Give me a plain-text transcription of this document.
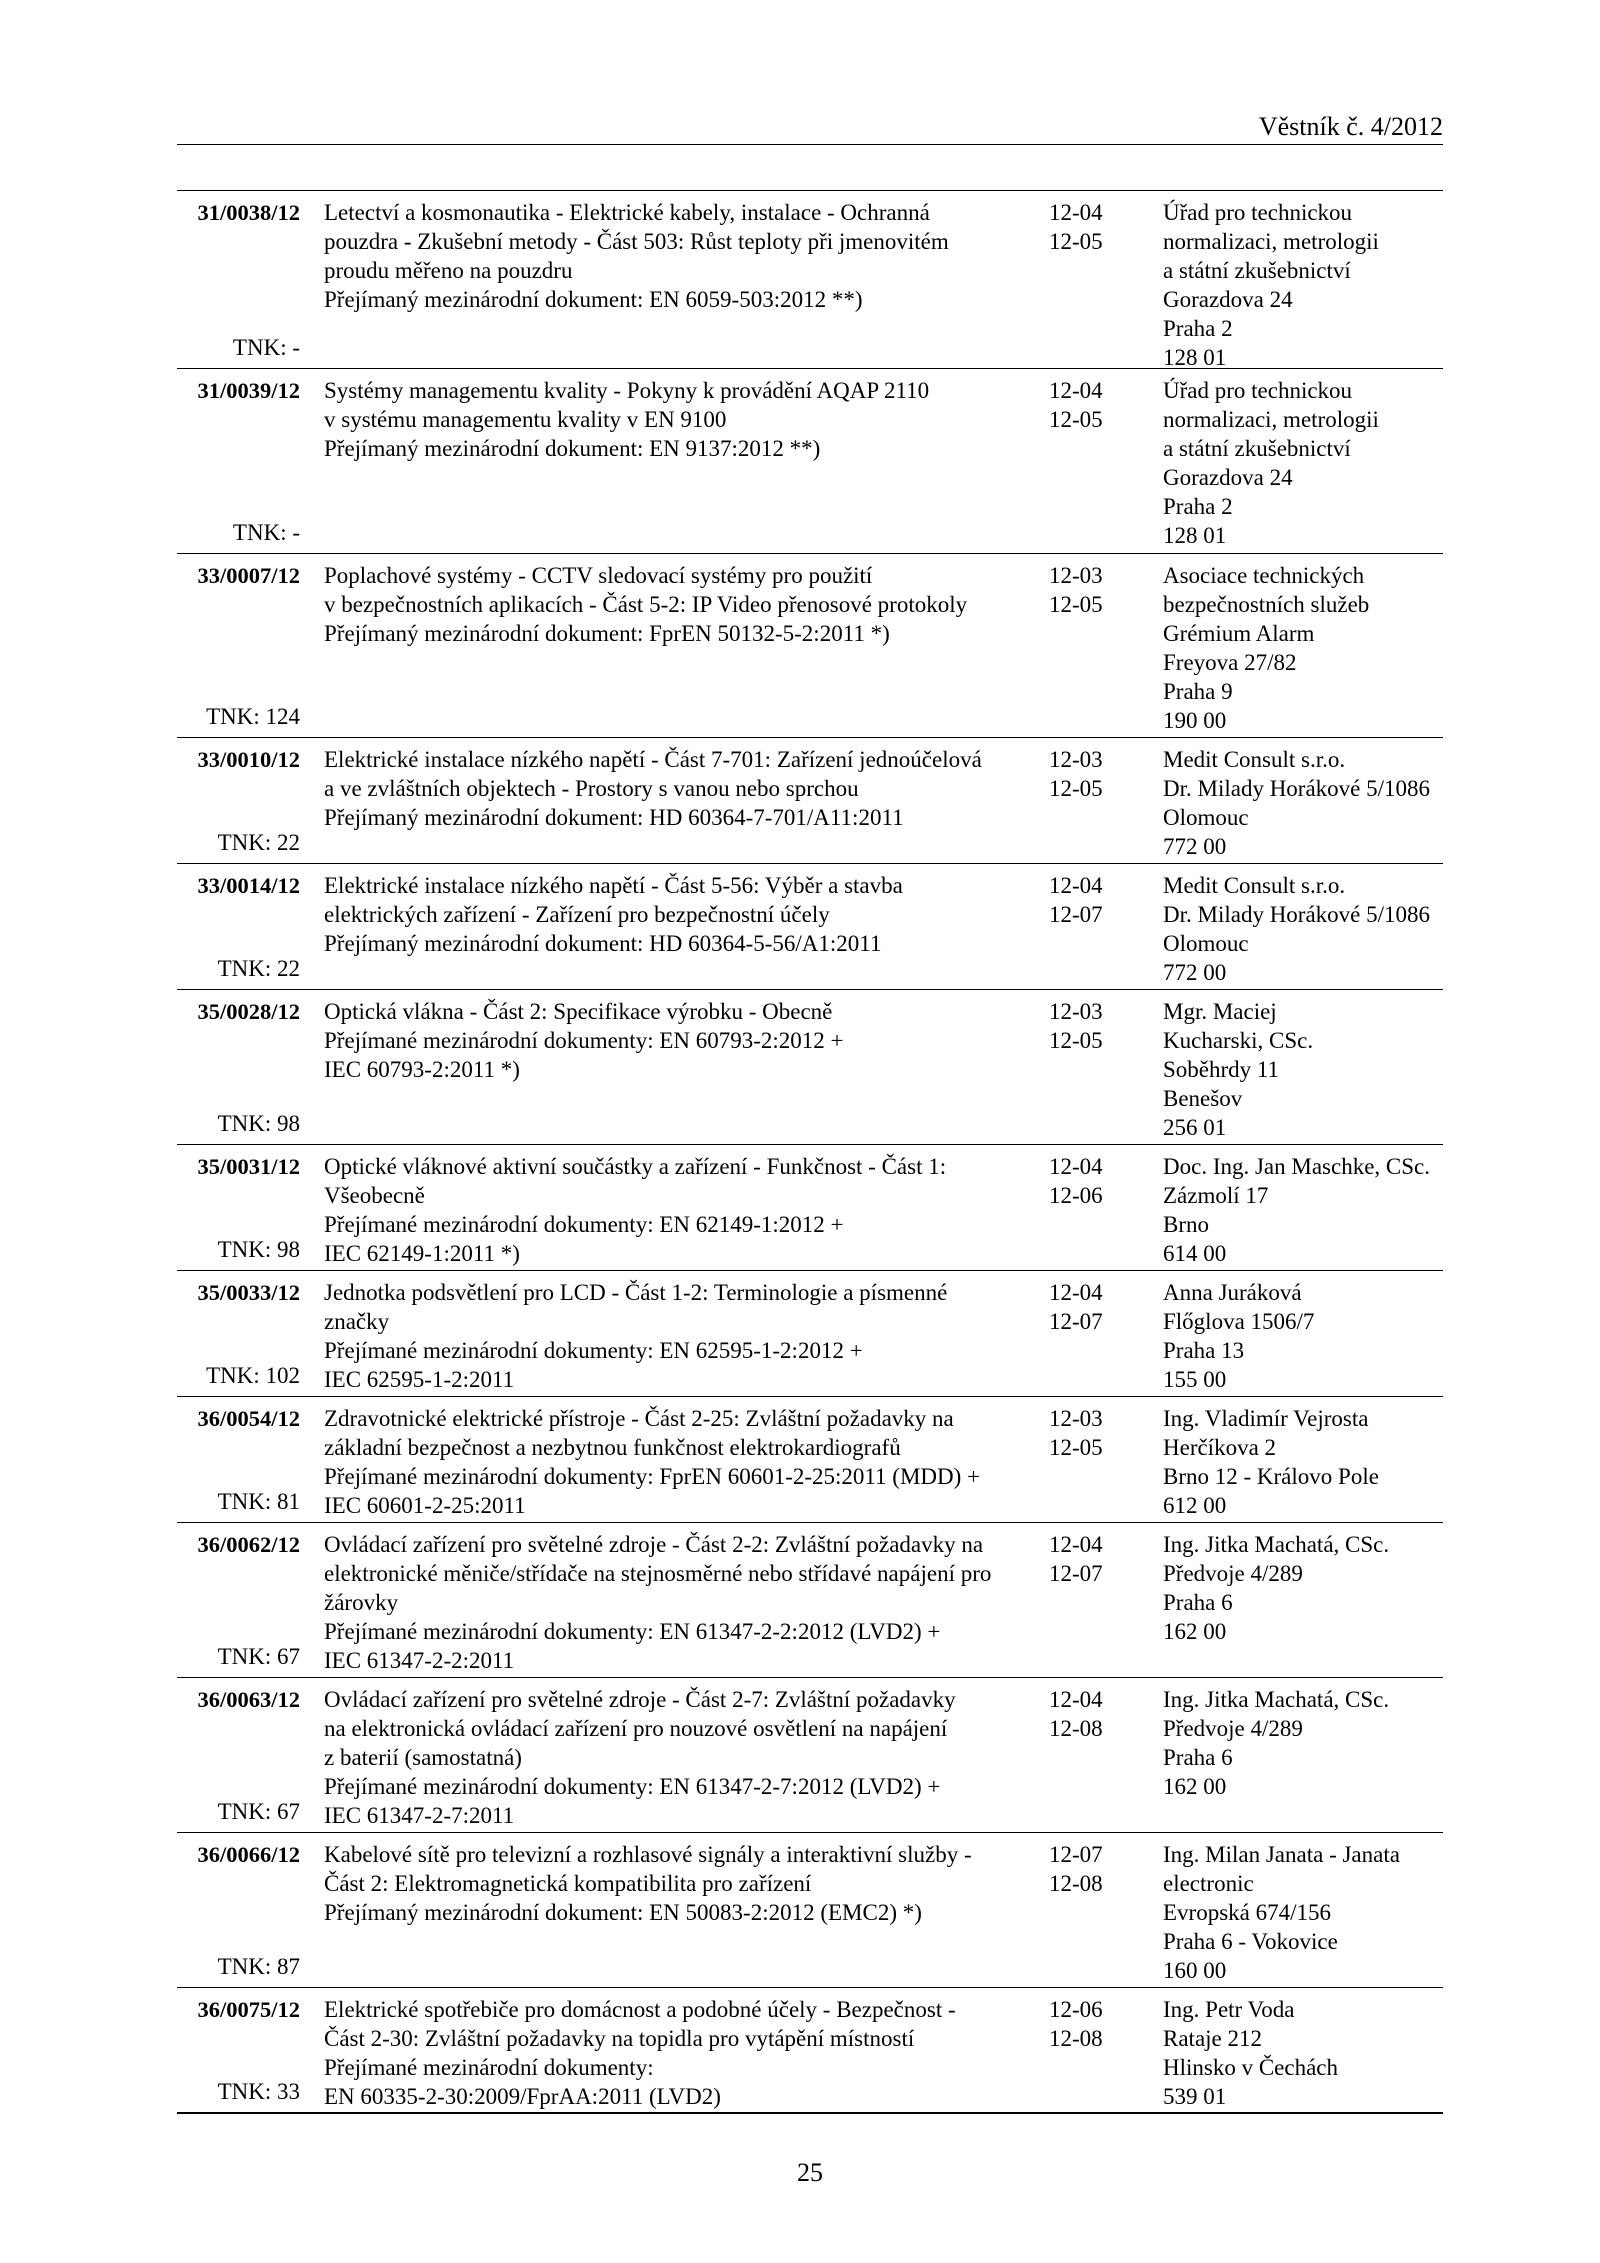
Věstník č. 4/2012
31/0038/12
TNK: -
Letectví a kosmonautika - Elektrické kabely, instalace - Ochranná
pouzdra - Zkušební metody - Část 503: Růst teploty při jmenovitém
proudu měřeno na pouzdru
Přejímaný mezinárodní dokument: EN 6059-503:2012 **)
12-04
12-05
Úřad pro technickou
normalizaci, metrologii
a státní zkušebnictví
Gorazdova 24
Praha 2
128 01
31/0039/12
TNK: -
Systémy managementu kvality - Pokyny k provádění AQAP 2110
v systému managementu kvality v EN 9100
Přejímaný mezinárodní dokument: EN 9137:2012 **)
12-04
12-05
Úřad pro technickou
normalizaci, metrologii
a státní zkušebnictví
Gorazdova 24
Praha 2
128 01
33/0007/12
TNK: 124
Poplachové systémy - CCTV sledovací systémy pro použití
v bezpečnostních aplikacích - Část 5-2: IP Video přenosové protokoly
Přejímaný mezinárodní dokument: FprEN 50132-5-2:2011 *)
12-03
12-05
Asociace technických
bezpečnostních služeb
Grémium Alarm
Freyova 27/82
Praha 9
190 00
33/0010/12
TNK: 22
Elektrické instalace nízkého napětí - Část 7-701: Zařízení jednoúčelová
a ve zvláštních objektech - Prostory s vanou nebo sprchou
Přejímaný mezinárodní dokument: HD 60364-7-701/A11:2011
12-03
12-05
Medit Consult s.r.o.
Dr. Milady Horákové 5/1086
Olomouc
772 00
33/0014/12
TNK: 22
Elektrické instalace nízkého napětí - Část 5-56: Výběr a stavba
elektrických zařízení - Zařízení pro bezpečnostní účely
Přejímaný mezinárodní dokument: HD 60364-5-56/A1:2011
12-04
12-07
Medit Consult s.r.o.
Dr. Milady Horákové 5/1086
Olomouc
772 00
35/0028/12
TNK: 98
Optická vlákna - Část 2: Specifikace výrobku - Obecně
Přejímané mezinárodní dokumenty: EN 60793-2:2012 +
IEC 60793-2:2011 *)
12-03
12-05
Mgr. Maciej
Kucharski, CSc.
Soběhrdy 11
Benešov
256 01
35/0031/12
TNK: 98
Optické vláknové aktivní součástky a zařízení - Funkčnost - Část 1:
Všeobecně
Přejímané mezinárodní dokumenty: EN 62149-1:2012 +
IEC 62149-1:2011 *)
12-04
12-06
Doc. Ing. Jan Maschke, CSc.
Zázmolí 17
Brno
614 00
35/0033/12
TNK: 102
Jednotka podsvětlení pro LCD - Část 1-2: Terminologie a písmenné
značky
Přejímané mezinárodní dokumenty: EN 62595-1-2:2012 +
IEC 62595-1-2:2011
12-04
12-07
Anna Juráková
Flőglova 1506/7
Praha 13
155 00
36/0054/12
TNK: 81
Zdravotnické elektrické přístroje - Část 2-25: Zvláštní požadavky na
základní bezpečnost a nezbytnou funkčnost elektrokardiografů
Přejímané mezinárodní dokumenty: FprEN 60601-2-25:2011 (MDD) +
IEC 60601-2-25:2011
12-03
12-05
Ing. Vladimír Vejrosta
Herčíkova 2
Brno 12 - Královo Pole
612 00
36/0062/12
TNK: 67
Ovládací zařízení pro světelné zdroje - Část 2-2: Zvláštní požadavky na
elektronické měniče/střídače na stejnosměrné nebo střídavé napájení pro
žárovky
Přejímané mezinárodní dokumenty: EN 61347-2-2:2012 (LVD2) +
IEC 61347-2-2:2011
12-04
12-07
Ing. Jitka Machatá, CSc.
Předvoje 4/289
Praha 6
162 00
36/0063/12
TNK: 67
Ovládací zařízení pro světelné zdroje - Část 2-7: Zvláštní požadavky
na elektronická ovládací zařízení pro nouzové osvětlení na napájení
z baterií (samostatná)
Přejímané mezinárodní dokumenty: EN 61347-2-7:2012 (LVD2) +
IEC 61347-2-7:2011
12-04
12-08
Ing. Jitka Machatá, CSc.
Předvoje 4/289
Praha 6
162 00
36/0066/12
TNK: 87
Kabelové sítě pro televizní a rozhlasové signály a interaktivní služby -
Část 2: Elektromagnetická kompatibilita pro zařízení
Přejímaný mezinárodní dokument: EN 50083-2:2012 (EMC2) *)
12-07
12-08
Ing. Milan Janata - Janata
electronic
Evropská 674/156
Praha 6 - Vokovice
160 00
36/0075/12
TNK: 33
Elektrické spotřebiče pro domácnost a podobné účely - Bezpečnost -
Část 2-30: Zvláštní požadavky na topidla pro vytápění místností
Přejímané mezinárodní dokumenty:
EN 60335-2-30:2009/FprAA:2011 (LVD2)
12-06
12-08
Ing. Petr Voda
Rataje 212
Hlinsko v Čechách
539 01
25
